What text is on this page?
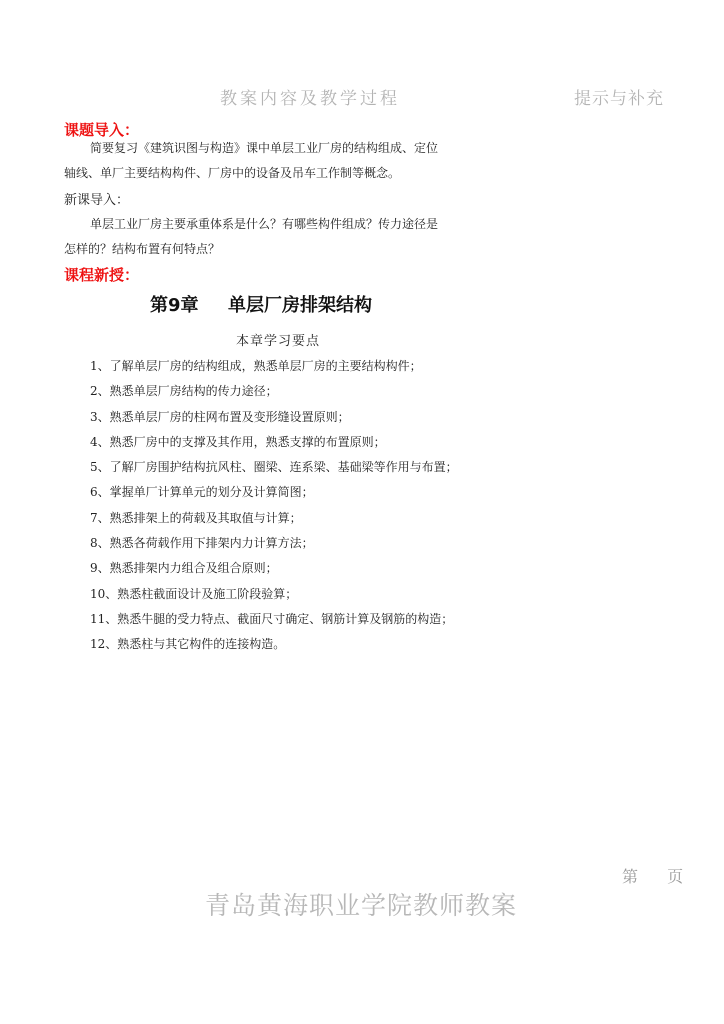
教案内容及教学过程	提示与补充
课题导入：
简要复习《建筑识图与构造》课中单层工业厂房的结构组成、定位
轴线、单厂主要结构构件、厂房中的设备及吊车工作制等概念。
新课导入：
单层工业厂房主要承重体系是什么？有哪些构件组成？传力途径是
怎样的？结构布置有何特点？
课程新授：
第9章 单层厂房排架结构
本章学习要点
1、了解单层厂房的结构组成，熟悉单层厂房的主要结构构件；
2、熟悉单层厂房结构的传力途径；
3、熟悉单层厂房的柱网布置及变形缝设置原则；
4、熟悉厂房中的支撑及其作用，熟悉支撑的布置原则；
5、了解厂房围护结构抗风柱、圈梁、连系梁、基础梁等作用与布置；
6、掌握单厂计算单元的划分及计算简图；
7、熟悉排架上的荷载及其取值与计算；
8、熟悉各荷载作用下排架内力计算方法；
9、熟悉排架内力组合及组合原则；
10、熟悉柱截面设计及施工阶段验算；
11、熟悉牛腿的受力特点、截面尺寸确定、钢筋计算及钢筋的构造；
12、熟悉柱与其它构件的连接构造。
第 页
青岛黄海职业学院教师教案
